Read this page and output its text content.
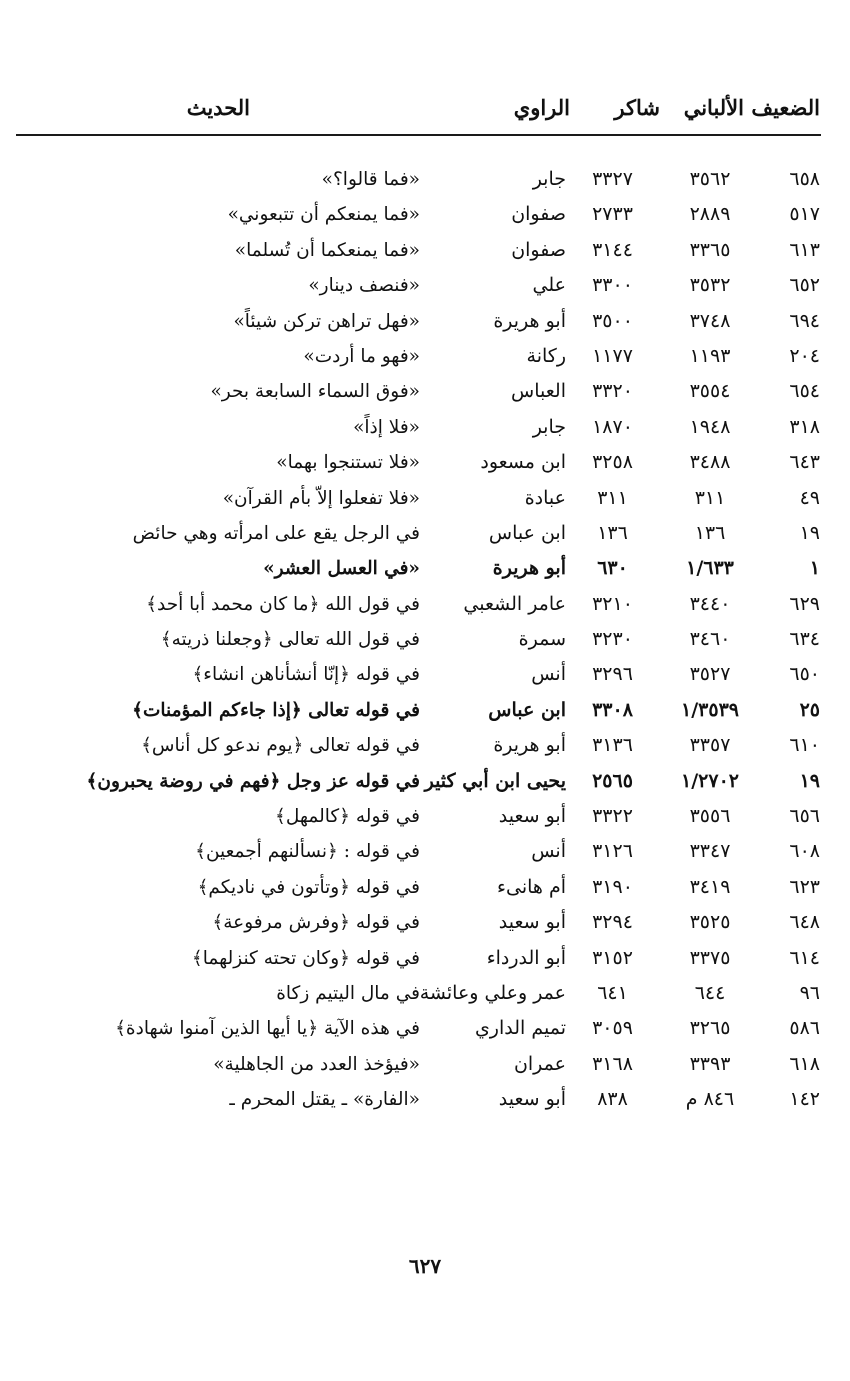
الضعيف
الألباني
شاكر
الراوي
الحديث
٦٥٨
٣٥٦٢
٣٣٢٧
جابر
«فما قالوا؟»
٥١٧
٢٨٨٩
٢٧٣٣
صفوان
«فما يمنعكم أن تتبعوني»
٦١٣
٣٣٦٥
٣١٤٤
صفوان
«فما يمنعكما أن تُسلما»
٦٥٢
٣٥٣٢
٣٣٠٠
علي
«فنصف دينار»
٦٩٤
٣٧٤٨
٣٥٠٠
أبو هريرة
«فهل تراهن تركن شيئاً»
٢٠٤
١١٩٣
١١٧٧
ركانة
«فهو ما أردت»
٦٥٤
٣٥٥٤
٣٣٢٠
العباس
«فوق السماء السابعة بحر»
٣١٨
١٩٤٨
١٨٧٠
جابر
«فلا إذاً»
٦٤٣
٣٤٨٨
٣٢٥٨
ابن مسعود
«فلا تستنجوا بهما»
٤٩
٣١١
٣١١
عبادة
«فلا تفعلوا إلاّ بأم القرآن»
١٩
١٣٦
١٣٦
ابن عباس
في الرجل يقع على امرأته وهي حائض
١
١/٦٣٣
٦٣٠
أبو هريرة
«في العسل العشر»
٦٢٩
٣٤٤٠
٣٢١٠
عامر الشعبي
في قول الله ﴿ما كان محمد أبا أحد﴾
٦٣٤
٣٤٦٠
٣٢٣٠
سمرة
في قول الله تعالى ﴿وجعلنا ذريته﴾
٦٥٠
٣٥٢٧
٣٢٩٦
أنس
في قوله ﴿إنّا أنشأناهن انشاء﴾
٢٥
١/٣٥٣٩
٣٣٠٨
ابن عباس
في قوله تعالى ﴿إذا جاءكم المؤمنات﴾
٦١٠
٣٣٥٧
٣١٣٦
أبو هريرة
في قوله تعالى ﴿يوم ندعو كل أناس﴾
١٩
١/٢٧٠٢
٢٥٦٥
يحيى ابن أبي كثير
في قوله عز وجل ﴿فهم في روضة يحبرون﴾
٦٥٦
٣٥٥٦
٣٣٢٢
أبو سعيد
في قوله ﴿كالمهل﴾
٦٠٨
٣٣٤٧
٣١٢٦
أنس
في قوله : ﴿نسألنهم أجمعين﴾
٦٢٣
٣٤١٩
٣١٩٠
أم هانىء
في قوله ﴿وتأتون في ناديكم﴾
٦٤٨
٣٥٢٥
٣٢٩٤
أبو سعيد
في قوله ﴿وفرش مرفوعة﴾
٦١٤
٣٣٧٥
٣١٥٢
أبو الدرداء
في قوله ﴿وكان تحته كنزلهما﴾
٩٦
٦٤٤
٦٤١
عمر وعلي وعائشة
في مال اليتيم زكاة
٥٨٦
٣٢٦٥
٣٠٥٩
تميم الداري
في هذه الآية ﴿يا أيها الذين آمنوا شهادة﴾
٦١٨
٣٣٩٣
٣١٦٨
عمران
«فيؤخذ العدد من الجاهلية»
١٤٢
٨٤٦ م
٨٣٨
أبو سعيد
«الفارة» ـ يقتل المحرم ـ
٦٢٧
